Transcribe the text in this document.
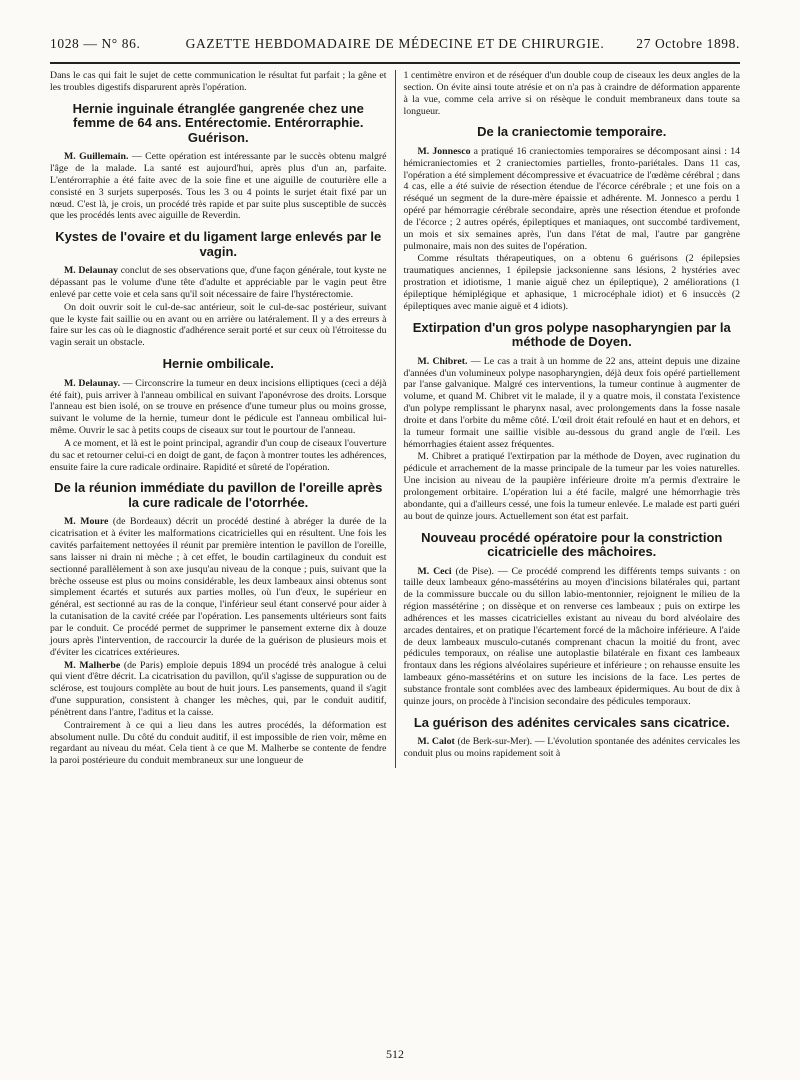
1028 — N° 86.	GAZETTE HEBDOMADAIRE DE MÉDECINE ET DE CHIRURGIE.	27 Octobre 1898.

Dans le cas qui fait le sujet de cette communication le résultat fut parfait ; la gêne et les troubles digestifs disparurent après l'opération.

Hernie inguinale étranglée gangrenée chez une femme de 64 ans. Entérectomie. Entérorraphie. Guérison.

M. Guillemain. — Cette opération est intéressante par le succès obtenu malgré l'âge de la malade. La santé est aujourd'hui, après plus d'un an, parfaite. L'entérorraphie a été faite avec de la soie fine et une aiguille de couturière elle a consisté en 3 surjets superposés. Tous les 3 ou 4 points le surjet était fixé par un nœud. C'est là, je crois, un procédé très rapide et par suite plus susceptible de succès que les procédés lents avec aiguille de Reverdin.

Kystes de l'ovaire et du ligament large enlevés par le vagin.

M. Delaunay conclut de ses observations que, d'une façon générale, tout kyste ne dépassant pas le volume d'une tête d'adulte et appréciable par le vagin peut être enlevé par cette voie et cela sans qu'il soit nécessaire de faire l'hystérectomie.

On doit ouvrir soit le cul-de-sac antérieur, soit le cul-de-sac postérieur, suivant que le kyste fait saillie ou en avant ou en arrière ou latéralement. Il y a des erreurs à faire sur les cas où le diagnostic d'adhérence serait porté et sur ceux où l'étroitesse du vagin serait un obstacle.

Hernie ombilicale.

M. Delaunay. — Circonscrire la tumeur en deux incisions elliptiques (ceci a déjà été fait), puis arriver à l'anneau ombilical en suivant l'aponévrose des droits. Lorsque l'anneau est bien isolé, on se trouve en présence d'une tumeur plus ou moins grosse, suivant le volume de la hernie, tumeur dont le pédicule est l'anneau ombilical lui-même. Ouvrir le sac à petits coups de ciseaux sur tout le pourtour de l'anneau.

A ce moment, et là est le point principal, agrandir d'un coup de ciseaux l'ouverture du sac et retourner celui-ci en doigt de gant, de façon à montrer toutes les adhérences, ensuite faire la cure radicale ordinaire. Rapidité et sûreté de l'opération.

De la réunion immédiate du pavillon de l'oreille après la cure radicale de l'otorrhée.

M. Moure (de Bordeaux) décrit un procédé destiné à abréger la durée de la cicatrisation et à éviter les malformations cicatricielles qui en résultent. Une fois les cavités parfaitement nettoyées il réunit par première intention le pavillon de l'oreille, sans laisser ni drain ni mèche ; à cet effet, le boudin cartilagineux du conduit est sectionné parallèlement à son axe jusqu'au niveau de la conque ; puis, suivant que la brèche osseuse est plus ou moins considérable, les deux lambeaux ainsi obtenus sont simplement écartés et suturés aux parties molles, où l'un d'eux, le supérieur en général, est sectionné au ras de la conque, l'inférieur seul étant conservé pour aider à la cutanisation de la cavité créée par l'opération. Les pansements ultérieurs sont faits par le conduit. Ce procédé permet de supprimer le pansement externe dix à douze jours après l'intervention, de raccourcir la durée de la guérison de plusieurs mois et d'éviter les cicatrices extérieures.

M. Malherbe (de Paris) emploie depuis 1894 un procédé très analogue à celui qui vient d'être décrit. La cicatrisation du pavillon, qu'il s'agisse de suppuration ou de sclérose, est toujours complète au bout de huit jours. Les pansements, quand il s'agit d'une suppuration, consistent à changer les mèches, qui, par le conduit auditif, pénètrent dans l'antre, l'aditus et la caisse.

Contrairement à ce qui a lieu dans les autres procédés, la déformation est absolument nulle. Du côté du conduit auditif, il est impossible de rien voir, même en regardant au niveau du méat. Cela tient à ce que M. Malherbe se contente de fendre la paroi postérieure du conduit membraneux sur une longueur de

1 centimètre environ et de réséquer d'un double coup de ciseaux les deux angles de la section. On évite ainsi toute atrésie et on n'a pas à craindre de déformation apparente à la vue, comme cela arrive si on résèque le conduit membraneux dans toute sa longueur.

De la craniectomie temporaire.

M. Jonnesco a pratiqué 16 craniectomies temporaires se décomposant ainsi : 14 hémicraniectomies et 2 craniectomies partielles, fronto-pariétales. Dans 11 cas, l'opération a été simplement décompressive et évacuatrice de l'œdème cérébral ; dans 4 cas, elle a été suivie de résection étendue de l'écorce cérébrale ; et une fois on a réséqué un segment de la dure-mère épaissie et adhérente. M. Jonnesco a perdu 1 opéré par hémorragie cérébrale secondaire, après une résection étendue et profonde de l'écorce ; 2 autres opérés, épileptiques et maniaques, ont succombé tardivement, un mois et six semaines après, l'un dans l'état de mal, l'autre par gangrène pulmonaire, mais non des suites de l'opération.

Comme résultats thérapeutiques, on a obtenu 6 guérisons (2 épilepsies traumatiques anciennes, 1 épilepsie jacksonienne sans lésions, 2 hystéries avec prostration et idiotisme, 1 manie aiguë chez un épileptique), 2 améliorations (1 épileptique hémiplégique et aphasique, 1 microcéphale idiot) et 6 insuccès (2 épileptiques avec manie aiguë et 4 idiots).

Extirpation d'un gros polype nasopharyngien par la méthode de Doyen.

M. Chibret. — Le cas a trait à un homme de 22 ans, atteint depuis une dizaine d'années d'un volumineux polype nasopharyngien, déjà deux fois opéré partiellement par l'anse galvanique. Malgré ces interventions, la tumeur continue à augmenter de volume, et quand M. Chibret vit le malade, il y a quatre mois, il constata l'existence d'un polype remplissant le pharynx nasal, avec prolongements dans la fosse nasale droite et dans l'orbite du même côté. L'œil droit était refoulé en haut et en dehors, et la tumeur formait une saillie visible au-dessous du grand angle de l'œil. Les hémorrhagies étaient assez fréquentes.

M. Chibret a pratiqué l'extirpation par la méthode de Doyen, avec rugination du pédicule et arrachement de la masse principale de la tumeur par les voies naturelles. Une incision au niveau de la paupière inférieure droite m'a permis d'extraire le prolongement orbitaire. L'opération lui a été facile, malgré une hémorrhagie très abondante, qui a d'ailleurs cessé, une fois la tumeur enlevée. Le malade est parti guéri au bout de quinze jours. Actuellement son état est parfait.

Nouveau procédé opératoire pour la constriction cicatricielle des mâchoires.

M. Ceci (de Pise). — Ce procédé comprend les différents temps suivants : on taille deux lambeaux géno-massétérins au moyen d'incisions bilatérales qui, partant de la commissure buccale ou du sillon labio-mentonnier, rejoignent le milieu de la région massétérine ; on dissèque et on renverse ces lambeaux ; puis on extirpe les adhérences et les masses cicatricielles existant au niveau du bord alvéolaire des arcades dentaires, et on pratique l'écartement forcé de la mâchoire inférieure. A l'aide de deux lambeaux musculo-cutanés comprenant chacun la moitié du front, avec pédicules temporaux, on réalise une autoplastie bilatérale en fixant ces lambeaux frontaux dans les régions alvéolaires supérieure et inférieure ; on rehausse ensuite les lambeaux géno-massétérins et on suture les incisions de la face. Les pertes de substance frontale sont comblées avec des lambeaux épidermiques. Au bout de dix à quinze jours, on procède à l'incision secondaire des pédicules temporaux.

La guérison des adénites cervicales sans cicatrice.

M. Calot (de Berk-sur-Mer). — L'évolution spontanée des adénites cervicales les conduit plus ou moins rapidement soit à

512
